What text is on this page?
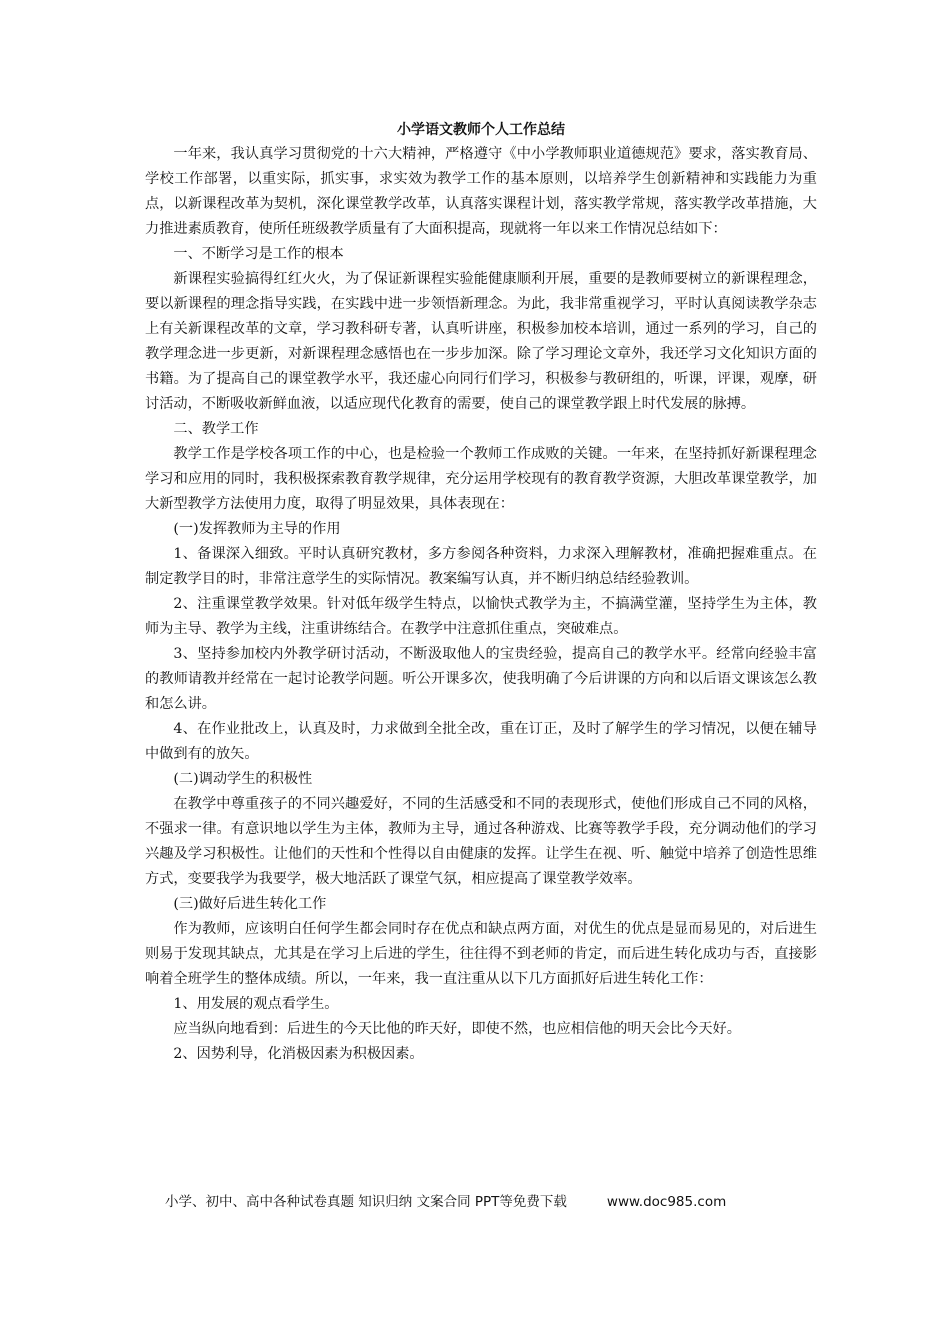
小学语文教师个人工作总结

一年来，我认真学习贯彻党的十六大精神，严格遵守《中小学教师职业道德规范》要求，落实教育局、学校工作部署，以重实际，抓实事，求实效为教学工作的基本原则，以培养学生创新精神和实践能力为重点，以新课程改革为契机，深化课堂教学改革，认真落实课程计划，落实教学常规，落实教学改革措施，大力推进素质教育，使所任班级教学质量有了大面积提高，现就将一年以来工作情况总结如下：

一、不断学习是工作的根本

新课程实验搞得红红火火，为了保证新课程实验能健康顺利开展，重要的是教师要树立的新课程理念，要以新课程的理念指导实践，在实践中进一步领悟新理念。为此，我非常重视学习，平时认真阅读教学杂志上有关新课程改革的文章，学习教科研专著，认真听讲座，积极参加校本培训，通过一系列的学习，自己的教学理念进一步更新，对新课程理念感悟也在一步步加深。除了学习理论文章外，我还学习文化知识方面的书籍。为了提高自己的课堂教学水平，我还虚心向同行们学习，积极参与教研组的，听课，评课，观摩，研讨活动，不断吸收新鲜血液，以适应现代化教育的需要，使自己的课堂教学跟上时代发展的脉搏。

二、教学工作

教学工作是学校各项工作的中心，也是检验一个教师工作成败的关键。一年来，在坚持抓好新课程理念学习和应用的同时，我积极探索教育教学规律，充分运用学校现有的教育教学资源，大胆改革课堂教学，加大新型教学方法使用力度，取得了明显效果，具体表现在：

(一)发挥教师为主导的作用

1、备课深入细致。平时认真研究教材，多方参阅各种资料，力求深入理解教材，准确把握难重点。在制定教学目的时，非常注意学生的实际情况。教案编写认真，并不断归纳总结经验教训。

2、注重课堂教学效果。针对低年级学生特点，以愉快式教学为主，不搞满堂灌，坚持学生为主体，教师为主导、教学为主线，注重讲练结合。在教学中注意抓住重点，突破难点。

3、坚持参加校内外教学研讨活动，不断汲取他人的宝贵经验，提高自己的教学水平。经常向经验丰富的教师请教并经常在一起讨论教学问题。听公开课多次，使我明确了今后讲课的方向和以后语文课该怎么教和怎么讲。

4、在作业批改上，认真及时，力求做到全批全改，重在订正，及时了解学生的学习情况，以便在辅导中做到有的放矢。

(二)调动学生的积极性

在教学中尊重孩子的不同兴趣爱好，不同的生活感受和不同的表现形式，使他们形成自己不同的风格，不强求一律。有意识地以学生为主体，教师为主导，通过各种游戏、比赛等教学手段，充分调动他们的学习兴趣及学习积极性。让他们的天性和个性得以自由健康的发挥。让学生在视、听、触觉中培养了创造性思维方式，变要我学为我要学，极大地活跃了课堂气氛，相应提高了课堂教学效率。

(三)做好后进生转化工作

作为教师，应该明白任何学生都会同时存在优点和缺点两方面，对优生的优点是显而易见的，对后进生则易于发现其缺点，尤其是在学习上后进的学生，往往得不到老师的肯定，而后进生转化成功与否，直接影响着全班学生的整体成绩。所以，一年来，我一直注重从以下几方面抓好后进生转化工作：

1、用发展的观点看学生。

应当纵向地看到：后进生的今天比他的昨天好，即使不然，也应相信他的明天会比今天好。

2、因势利导，化消极因素为积极因素。

小学、初中、高中各种试卷真题 知识归纳 文案合同 PPT等免费下载	www.doc985.com
